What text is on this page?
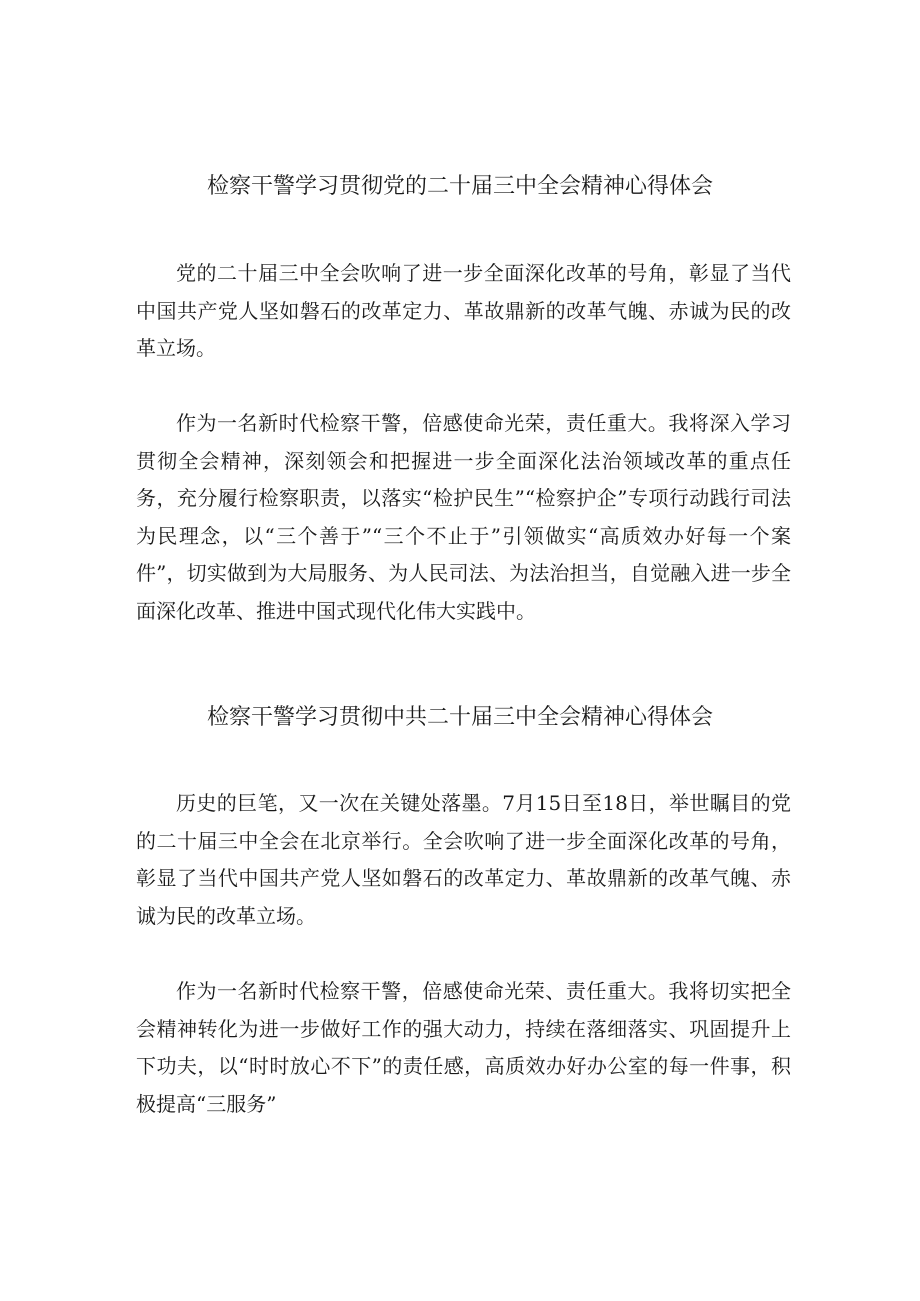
检察干警学习贯彻党的二十届三中全会精神心得体会

党的二十届三中全会吹响了进一步全面深化改革的号角，彰显了当代中国共产党人坚如磐石的改革定力、革故鼎新的改革气魄、赤诚为民的改革立场。

作为一名新时代检察干警，倍感使命光荣，责任重大。我将深入学习贯彻全会精神，深刻领会和把握进一步全面深化法治领域改革的重点任务，充分履行检察职责，以落实“检护民生”“检察护企”专项行动践行司法为民理念，以“三个善于”“三个不止于”引领做实“高质效办好每一个案件”，切实做到为大局服务、为人民司法、为法治担当，自觉融入进一步全面深化改革、推进中国式现代化伟大实践中。

检察干警学习贯彻中共二十届三中全会精神心得体会

历史的巨笔，又一次在关键处落墨。7月15日至18日，举世瞩目的党的二十届三中全会在北京举行。全会吹响了进一步全面深化改革的号角，彰显了当代中国共产党人坚如磐石的改革定力、革故鼎新的改革气魄、赤诚为民的改革立场。

作为一名新时代检察干警，倍感使命光荣、责任重大。我将切实把全会精神转化为进一步做好工作的强大动力，持续在落细落实、巩固提升上下功夫，以“时时放心不下”的责任感，高质效办好办公室的每一件事，积极提高“三服务”
